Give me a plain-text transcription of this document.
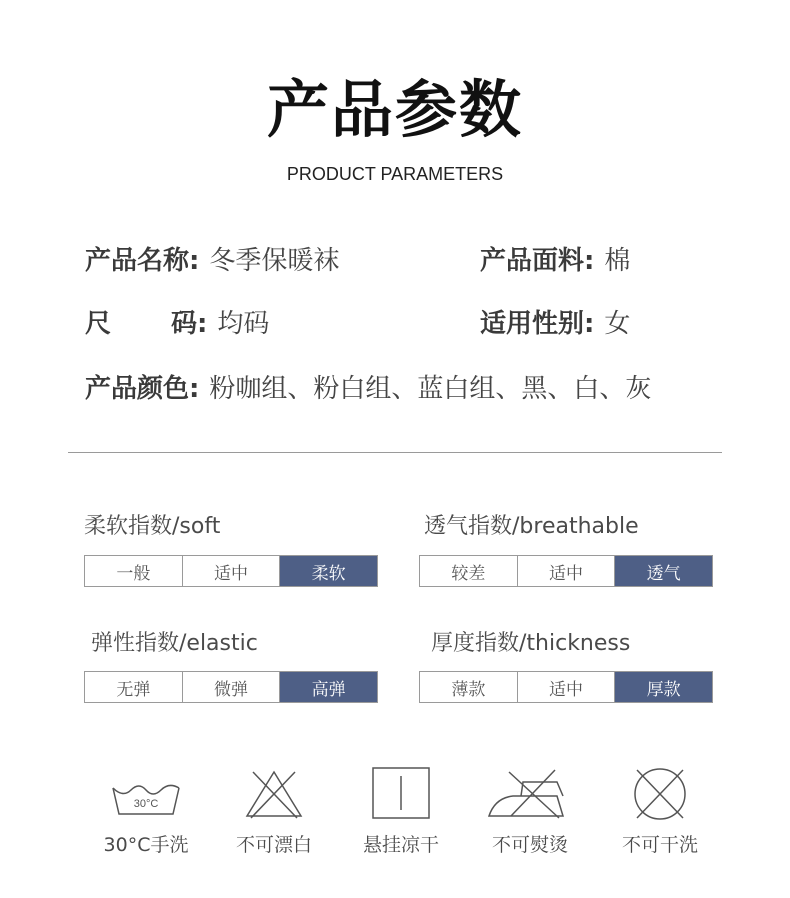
产品参数
PRODUCT PARAMETERS
产品名称: 冬季保暖袜	产品面料: 棉
尺 码: 均码	适用性别: 女
产品颜色: 粉咖组、粉白组、蓝白组、黑、白、灰
柔软指数/soft
一般	适中	柔软
透气指数/breathable
较差	适中	透气
弹性指数/elastic
无弹	微弹	高弹
厚度指数/thickness
薄款	适中	厚款
30°C
30°C手洗	不可漂白	悬挂凉干	不可熨烫	不可干洗
